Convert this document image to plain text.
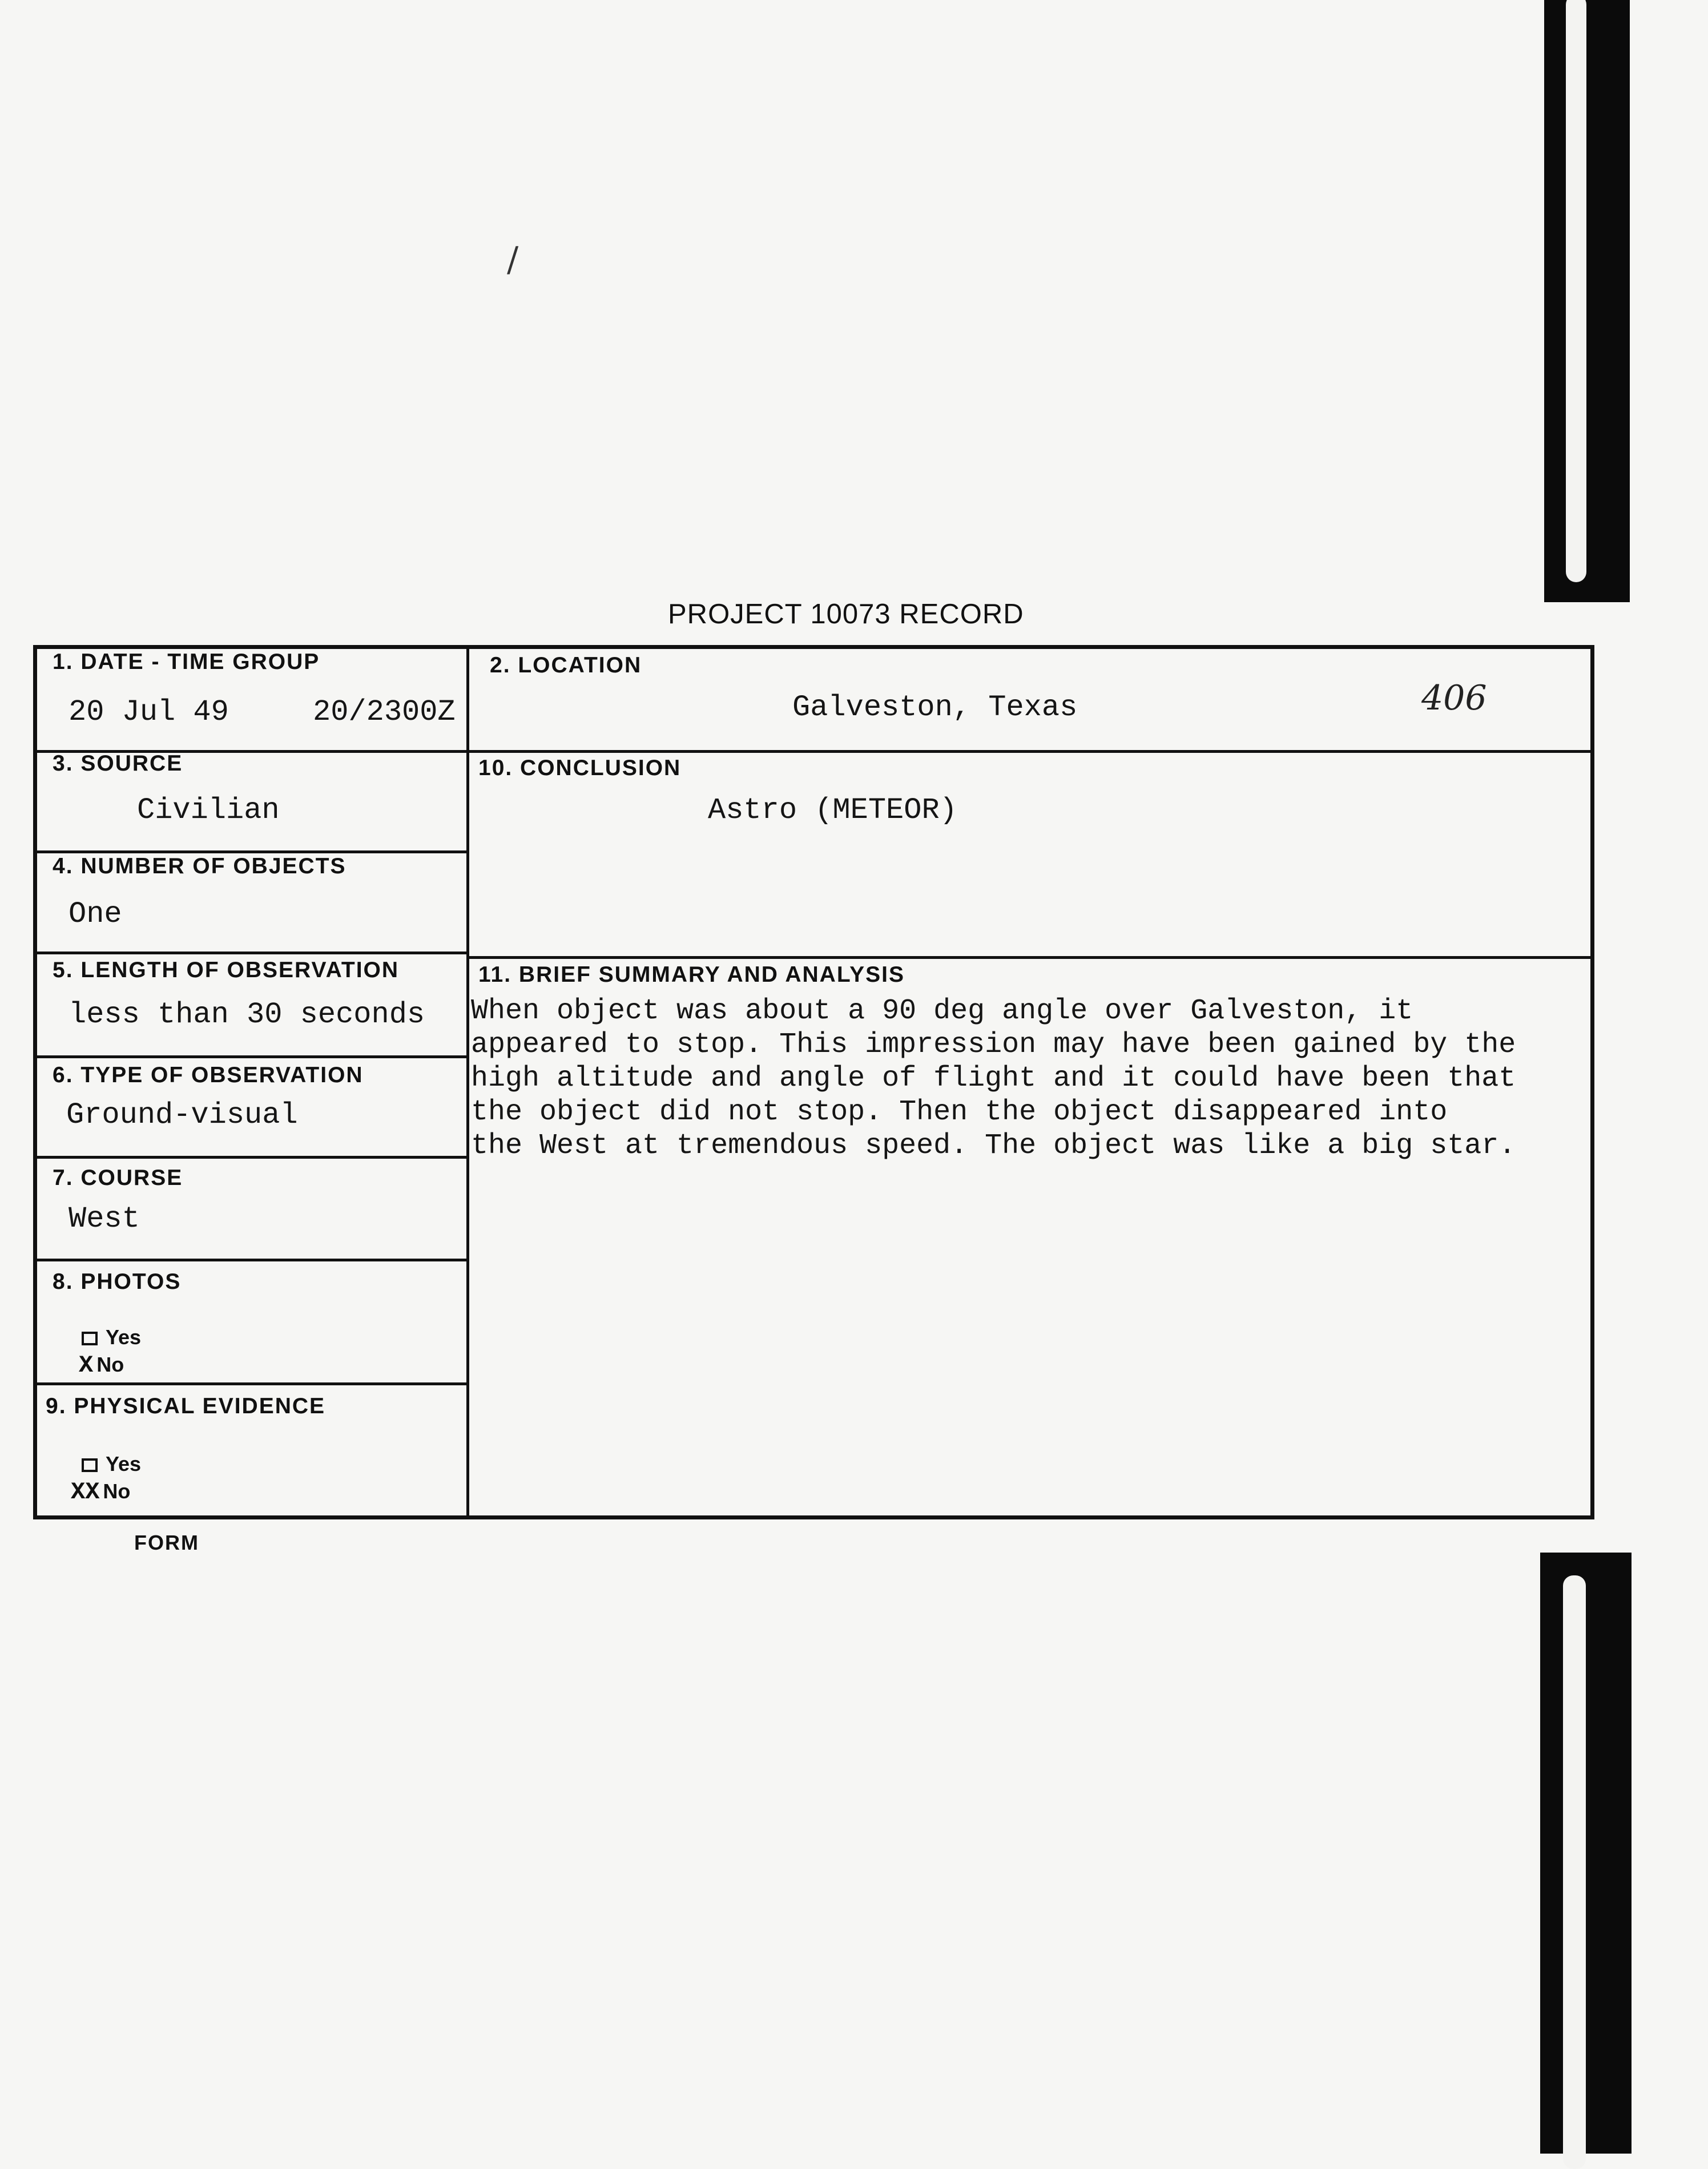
/
PROJECT 10073 RECORD
1. DATE - TIME GROUP
20 Jul 49	20/2300Z
2. LOCATION
Galveston, Texas	406
3. SOURCE
Civilian
10. CONCLUSION
Astro (METEOR)
4. NUMBER OF OBJECTS
One
5. LENGTH OF OBSERVATION
less than 30 seconds
11. BRIEF SUMMARY AND ANALYSIS
When object was about a 90 deg angle over Galveston, it
appeared to stop. This impression may have been gained by the
high altitude and angle of flight and it could have been that
the object did not stop. Then the object disappeared into
the West at tremendous speed. The object was like a big star.
6. TYPE OF OBSERVATION
Ground-visual
7. COURSE
West
8. PHOTOS
Yes
X No
9. PHYSICAL EVIDENCE
Yes
XX No
FORM
